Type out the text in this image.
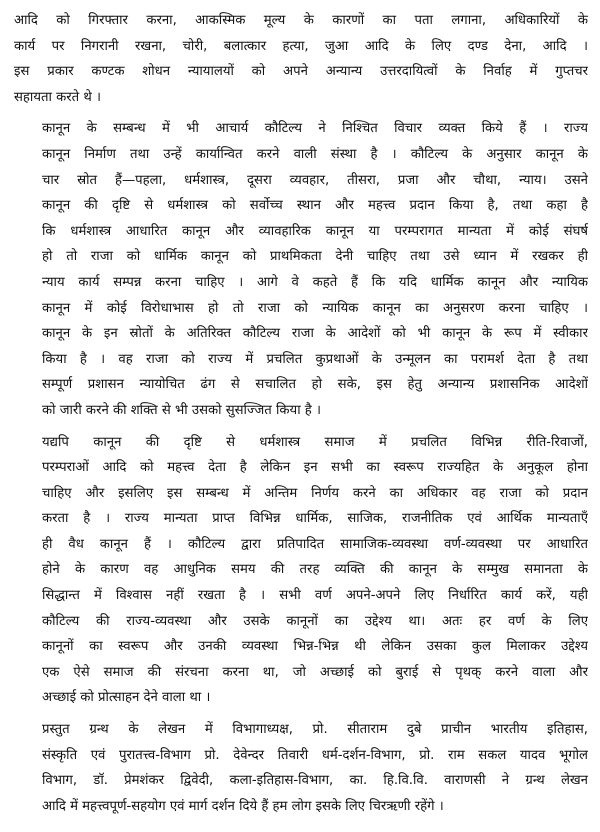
आदि को गिरफ्तार करना, आकस्मिक मूल्य के कारणों का पता लगाना, अधिकारियों के
कार्य पर निगरानी रखना, चोरी, बलात्कार हत्या, जुआ आदि के लिए दण्ड देना, आदि ।
इस प्रकार कण्टक शोधन न्यायालयों को अपने अन्यान्य उत्तरदायित्वों के निर्वाह में गुप्तचर
सहायता करते थे ।
कानून के सम्बन्ध में भी आचार्य कौटिल्य ने निश्चित विचार व्यक्त किये हैं । राज्य
कानून निर्माण तथा उन्हें कार्यान्वित करने वाली संस्था है । कौटिल्य के अनुसार कानून के
चार स्रोत हैं—पहला, धर्मशास्त्र, दूसरा व्यवहार, तीसरा, प्रजा और चौथा, न्याय। उसने
कानून की दृष्टि से धर्मशास्त्र को सर्वोच्च स्थान और महत्त्व प्रदान किया है, तथा कहा है
कि धर्मशास्त्र आधारित कानून और व्यावहारिक कानून या परम्परागत मान्यता में कोई संघर्ष
हो तो राजा को धार्मिक कानून को प्राथमिकता देनी चाहिए तथा उसे ध्यान में रखकर ही
न्याय कार्य सम्पन्न करना चाहिए । आगे वे कहते हैं कि यदि धार्मिक कानून और न्यायिक
कानून में कोई विरोधाभास हो तो राजा को न्यायिक कानून का अनुसरण करना चाहिए ।
कानून के इन स्रोतों के अतिरिक्त कौटिल्य राजा के आदेशों को भी कानून के रूप में स्वीकार
किया है । वह राजा को राज्य में प्रचलित कुप्रथाओं के उन्मूलन का परामर्श देता है तथा
सम्पूर्ण प्रशासन न्यायोचित ढंग से सचालित हो सके, इस हेतु अन्यान्य प्रशासनिक आदेशों
को जारी करने की शक्ति से भी उसको सुसज्जित किया है ।
यद्यपि कानून की दृष्टि से धर्मशास्त्र समाज में प्रचलित विभिन्न रीति-रिवाजों,
परम्पराओं आदि को महत्त्व देता है लेकिन इन सभी का स्वरूप राज्यहित के अनुकूल होना
चाहिए और इसलिए इस सम्बन्ध में अन्तिम निर्णय करने का अधिकार वह राजा को प्रदान
करता है । राज्य मान्यता प्राप्त विभिन्न धार्मिक, साजिक, राजनीतिक एवं आर्थिक मान्यताएँ
ही वैध कानून हैं । कौटिल्य द्वारा प्रतिपादित सामाजिक-व्यवस्था वर्ण-व्यवस्था पर आधारित
होने के कारण वह आधुनिक समय की तरह व्यक्ति की कानून के सम्मुख समानता के
सिद्धान्त में विश्वास नहीं रखता है । सभी वर्ण अपने-अपने लिए निर्धारित कार्य करें, यही
कौटिल्य की राज्य-व्यवस्था और उसके कानूनों का उद्देश्य था। अतः हर वर्ण के लिए
कानूनों का स्वरूप और उनकी व्यवस्था भिन्न-भिन्न थी लेकिन उसका कुल मिलाकर उद्देश्य
एक ऐसे समाज की संरचना करना था, जो अच्छाई को बुराई से पृथक् करने वाला और
अच्छाई को प्रोत्साहन देने वाला था ।
प्रस्तुत ग्रन्थ के लेखन में विभागाध्यक्ष, प्रो. सीताराम दुबे प्राचीन भारतीय इतिहास,
संस्कृति एवं पुरातत्त्व-विभाग प्रो. देवेन्दर तिवारी धर्म-दर्शन-विभाग, प्रो. राम सकल यादव भूगोल
विभाग, डॉ. प्रेमशंकर द्विवेदी, कला-इतिहास-विभाग, का. हि.वि.वि. वाराणसी ने ग्रन्थ लेखन
आदि में महत्त्वपूर्ण-सहयोग एवं मार्ग दर्शन दिये हैं हम लोग इसके लिए चिरऋणी रहेंगे ।
